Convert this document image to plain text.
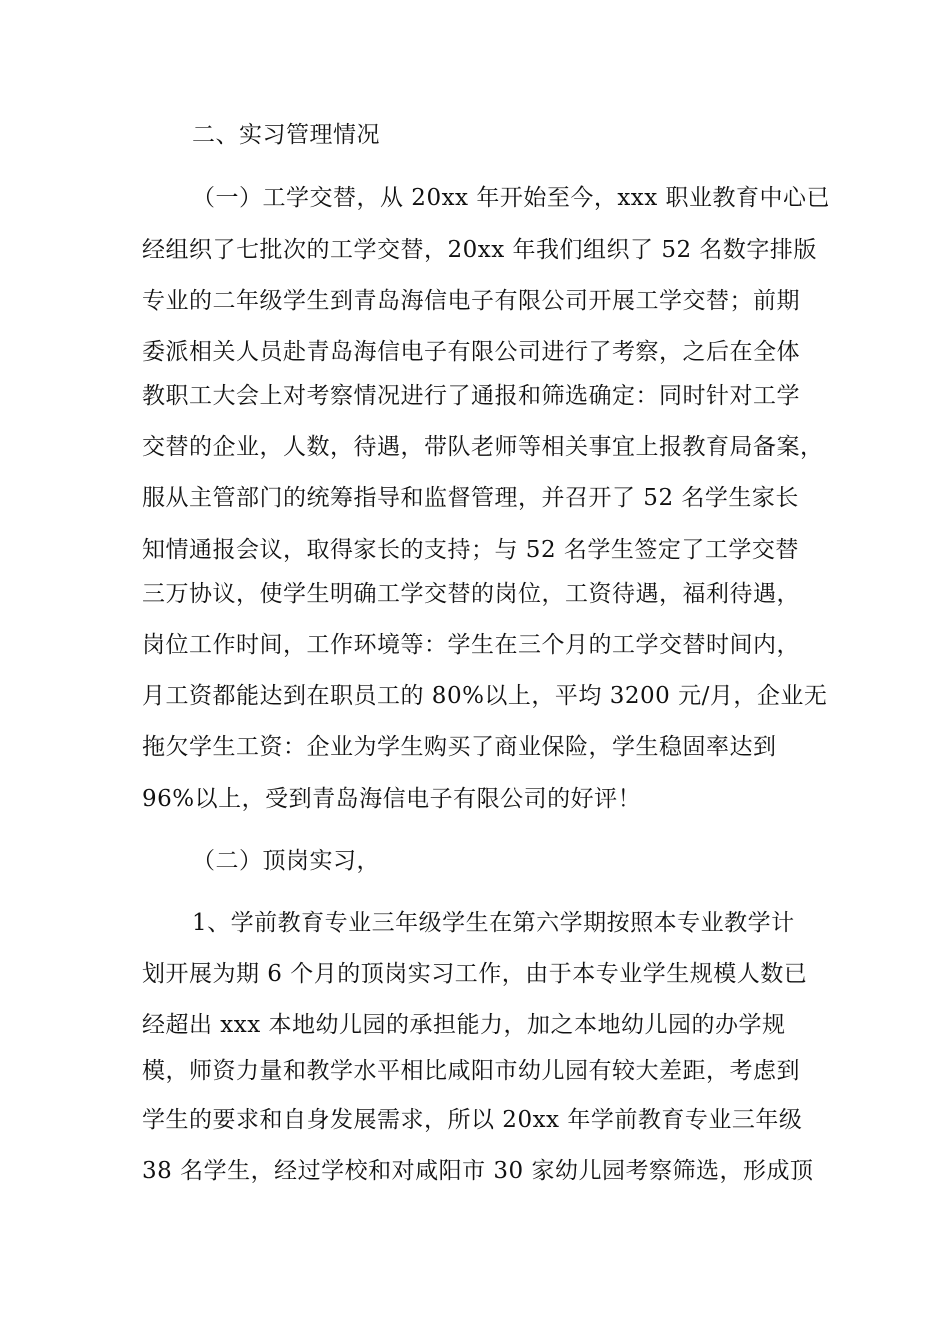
二、实习管理情况
（一）工学交替，从 20xx 年开始至今，xxx 职业教育中心已
经组织了七批次的工学交替，20xx 年我们组织了 52 名数字排版
专业的二年级学生到青岛海信电子有限公司开展工学交替；前期
委派相关人员赴青岛海信电子有限公司进行了考察，之后在全体
教职工大会上对考察情况进行了通报和筛选确定：同时针对工学
交替的企业，人数，待遇，带队老师等相关事宜上报教育局备案，
服从主管部门的统筹指导和监督管理，并召开了 52 名学生家长
知情通报会议，取得家长的支持；与 52 名学生签定了工学交替
三万协议，使学生明确工学交替的岗位，工资待遇，福利待遇，
岗位工作时间，工作环境等：学生在三个月的工学交替时间内，
月工资都能达到在职员工的 80%以上，平均 3200 元/月，企业无
拖欠学生工资：企业为学生购买了商业保险，学生稳固率达到
96%以上，受到青岛海信电子有限公司的好评！
（二）顶岗实习，
1、学前教育专业三年级学生在第六学期按照本专业教学计
划开展为期 6 个月的顶岗实习工作，由于本专业学生规模人数已
经超出 xxx 本地幼儿园的承担能力，加之本地幼儿园的办学规
模，师资力量和教学水平相比咸阳市幼儿园有较大差距，考虑到
学生的要求和自身发展需求，所以 20xx 年学前教育专业三年级
38 名学生，经过学校和对咸阳市 30 家幼儿园考察筛选，形成顶
